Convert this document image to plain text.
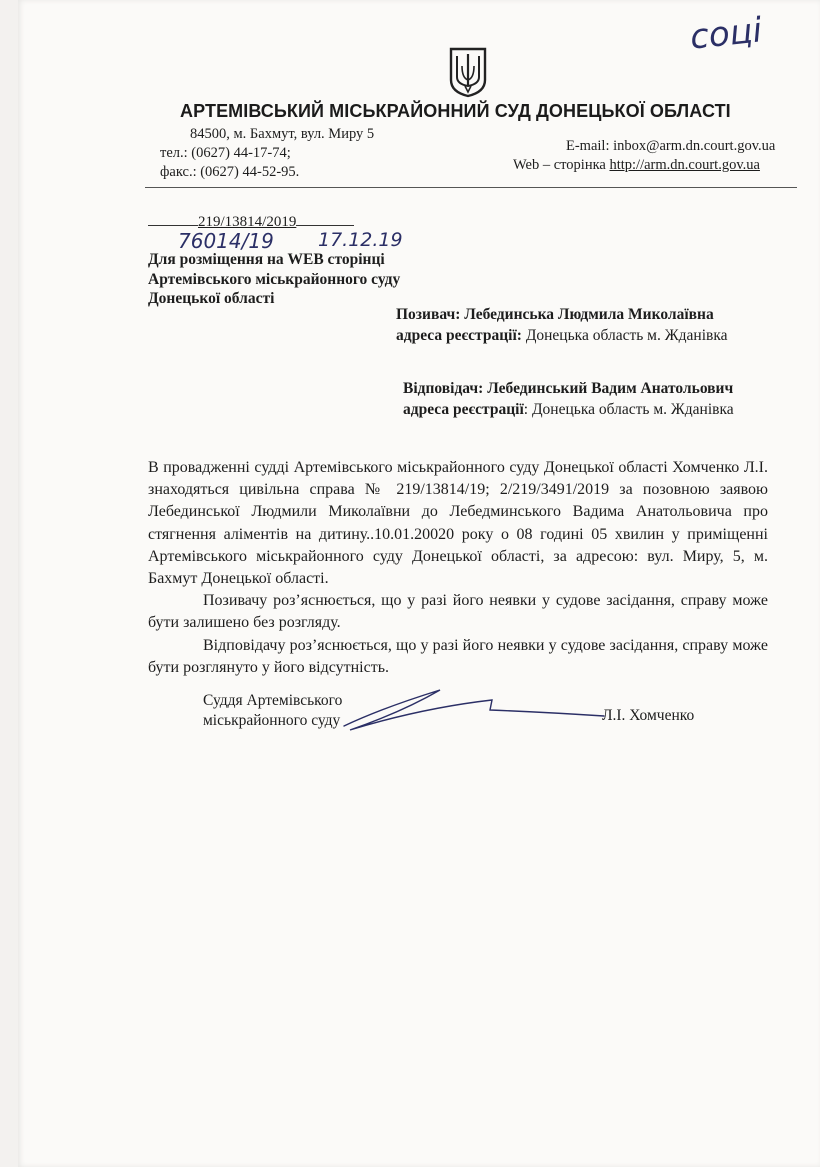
соці
АРТЕМІВСЬКИЙ МІСЬКРАЙОННИЙ СУД ДОНЕЦЬКОЇ ОБЛАСТІ
84500, м. Бахмут, вул. Миру 5
тел.: (0627) 44-17-74;
факс.: (0627) 44-52-95.
E-mail: inbox@arm.dn.court.gov.ua
Web – сторінка http://arm.dn.court.gov.ua
219/13814/2019
76014/19 17.12.19
Для розміщення на WEB сторінці
Артемівського міськрайонного суду
Донецької області
Позивач: Лебединська Людмила Миколаївна
адреса реєстрації: Донецька область м. Жданівка
Відповідач: Лебединський Вадим Анатольович
адреса реєстрації: Донецька область м. Жданівка

В провадженні судді Артемівського міськрайонного суду Донецької області Хомченко Л.І. знаходяться цивільна справа № 219/13814/19; 2/219/3491/2019 за позовною заявою Лебединської Людмили Миколаївни до Лебедминського Вадима Анатольовича про стягнення аліментів на дитину..10.01.20020 року о 08 годині 05 хвилин у приміщенні Артемівського міськрайонного суду Донецької області, за адресою: вул. Миру, 5, м. Бахмут Донецької області.

Позивачу роз’яснюється, що у разі його неявки у судове засідання, справу може бути залишено без розгляду.

Відповідачу роз’яснюється, що у разі його неявки у судове засідання, справу може бути розглянуто у його відсутність.

Суддя Артемівського
міськрайонного суду	Л.І. Хомченко
